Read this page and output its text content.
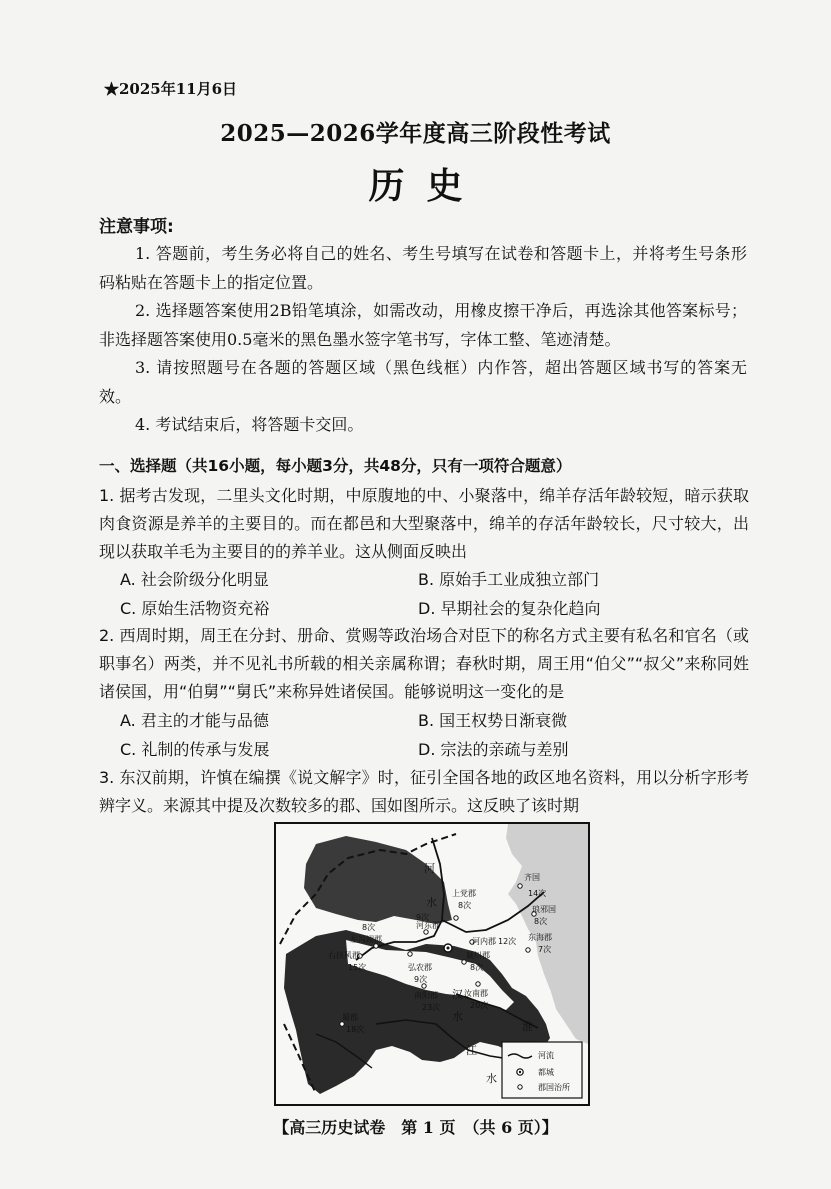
★2025年11月6日
2025—2026学年度高三阶段性考试
历史
注意事项:
1. 答题前，考生务必将自己的姓名、考生号填写在试卷和答题卡上，并将考生号条形码粘贴在答题卡上的指定位置。
2. 选择题答案使用2B铅笔填涂，如需改动，用橡皮擦干净后，再选涂其他答案标号；非选择题答案使用0.5毫米的黑色墨水签字笔书写，字体工整、笔迹清楚。
3. 请按照题号在各题的答题区域（黑色线框）内作答，超出答题区域书写的答案无效。
4. 考试结束后，将答题卡交回。
一、选择题（共16小题，每小题3分，共48分，只有一项符合题意）
1. 据考古发现，二里头文化时期，中原腹地的中、小聚落中，绵羊存活年龄较短，暗示获取肉食资源是养羊的主要目的。而在都邑和大型聚落中，绵羊的存活年龄较长，尺寸较大，出现以获取羊毛为主要目的的养羊业。这从侧面反映出
A. 社会阶级分化明显	B. 原始手工业成独立部门
C. 原始生活物资充裕	D. 早期社会的复杂化趋向
2. 西周时期，周王在分封、册命、赏赐等政治场合对臣下的称名方式主要有私名和官名（或职事名）两类，并不见礼书所载的相关亲属称谓；春秋时期，周王用“伯父”“叔父”来称同姓诸侯国，用“伯舅”“舅氏”来称异姓诸侯国。能够说明这一变化的是
A. 君主的才能与品德	B. 国王权势日渐衰微
C. 礼制的传承与发展	D. 宗法的亲疏与差别
3. 东汉前期，许慎在编撰《说文解字》时，征引全国各地的政区地名资料，用以分析字形考辨字义。来源其中提及次数较多的郡、国如图所示。这反映了该时期
河
水
淮
汉
水
江
水
左冯翊郡
8次
右扶风郡
15次
河东郡
9次
上党郡
8次
河内郡 12次
弘农郡
9次
颍川郡
8次
南阳郡
23次
汝南郡
20次
齐国
14次
琅邪国
8次
东海郡
7次
蜀郡
18次
河流
都城
郡国治所
【高三历史试卷　第 1 页　（共 6 页）】
